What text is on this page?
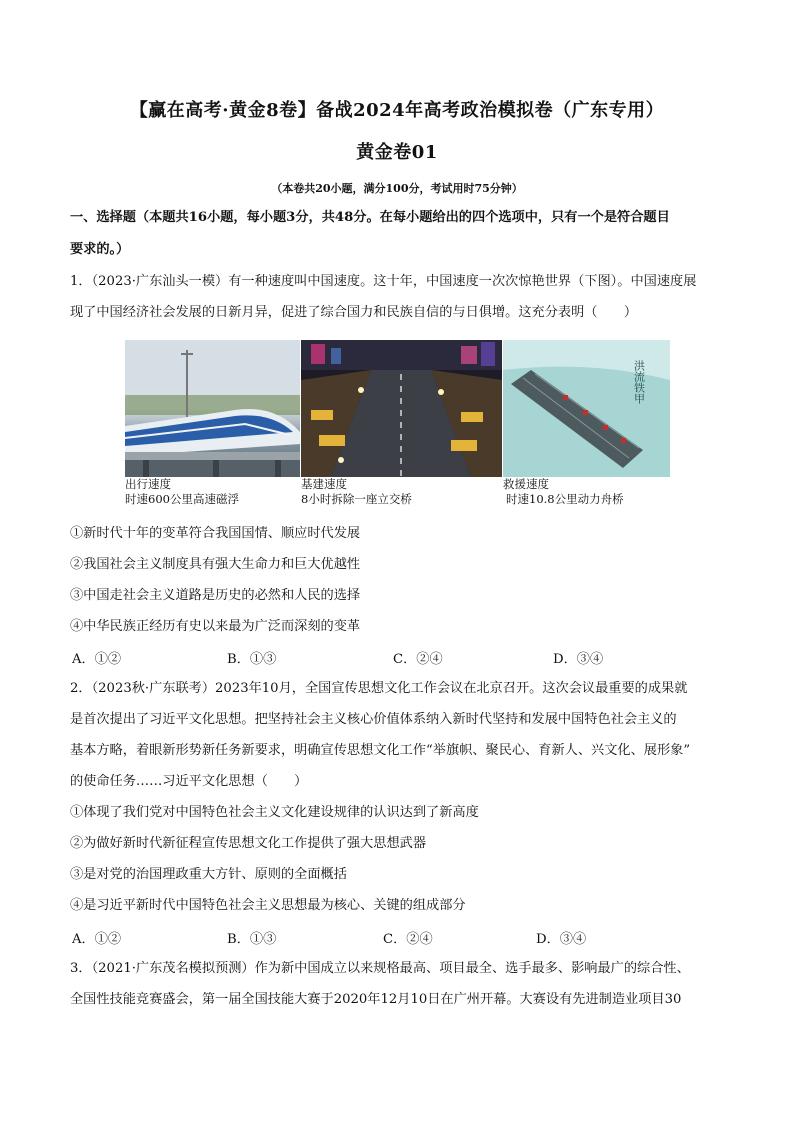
【赢在高考·黄金8卷】备战2024年高考政治模拟卷（广东专用）
黄金卷01
（本卷共20小题，满分100分，考试用时75分钟）
一、选择题（本题共16小题，每小题3分，共48分。在每小题给出的四个选项中，只有一个是符合题目
要求的。）
1．（2023·广东汕头一模）有一种速度叫中国速度。这十年，中国速度一次次惊艳世界（下图）。中国速度展
现了中国经济社会发展的日新月异，促进了综合国力和民族自信的与日俱增。这充分表明（　　）
洪流铁甲
出行速度
时速600公里高速磁浮
基建速度
8小时拆除一座立交桥
救援速度
时速10.8公里动力舟桥
①新时代十年的变革符合我国国情、顺应时代发展
②我国社会主义制度具有强大生命力和巨大优越性
③中国走社会主义道路是历史的必然和人民的选择
④中华民族正经历有史以来最为广泛而深刻的变革
A．①②	B．①③	C．②④	D．③④
2．（2023秋·广东联考）2023年10月，全国宣传思想文化工作会议在北京召开。这次会议最重要的成果就
是首次提出了习近平文化思想。把坚持社会主义核心价值体系纳入新时代坚持和发展中国特色社会主义的
基本方略，着眼新形势新任务新要求，明确宣传思想文化工作“举旗帜、聚民心、育新人、兴文化、展形象”
的使命任务……习近平文化思想（　　）
①体现了我们党对中国特色社会主义文化建设规律的认识达到了新高度
②为做好新时代新征程宣传思想文化工作提供了强大思想武器
③是对党的治国理政重大方针、原则的全面概括
④是习近平新时代中国特色社会主义思想最为核心、关键的组成部分
A．①②	B．①③	C．②④	D．③④
3．（2021·广东茂名模拟预测）作为新中国成立以来规格最高、项目最全、选手最多、影响最广的综合性、
全国性技能竞赛盛会，第一届全国技能大赛于2020年12月10日在广州开幕。大赛设有先进制造业项目30
